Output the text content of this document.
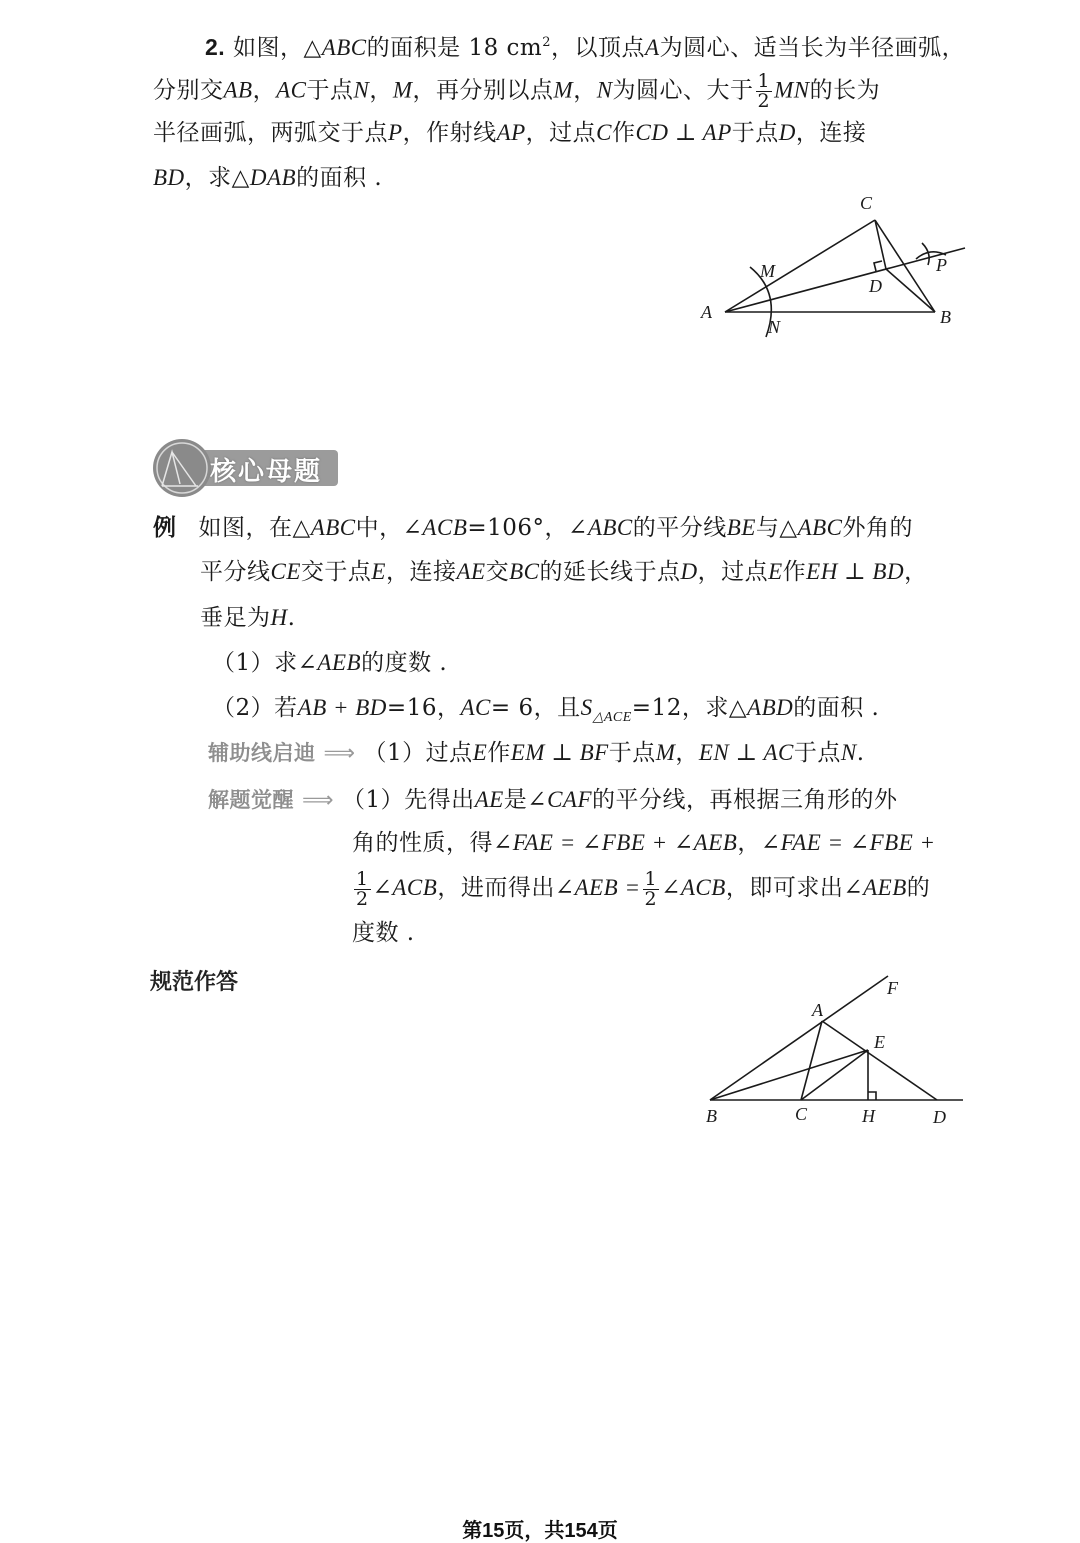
2. 如图，△ABC的面积是 18 $cm^2$，以顶点A为圆心、适当长为半径画弧，
分别交AB，AC于点N，M，再分别以点M，N为圆心、大于 $\frac{1}{2}$ MN的长为
半径画弧，两弧交于点P，作射线AP，过点C作CD ⊥ AP于点D，连接
BD，求△DAB的面积 .
C
M	P
D
A	B
N
核心母题
例 如图，在△ABC中，∠ACB=106°，∠ABC的平分线BE与△ABC外角的
平分线CE交于点E，连接AE交BC的延长线于点D，过点E作EH ⊥ BD，
垂足为H.
（1）求∠AEB的度数 .
（2）若AB + BD=16，AC= 6，且$S_{\triangle ACE}=12$，求△ABD的面积 .
辅助线启迪 ⟹ （1）过点E作EM ⊥ BF于点M，EN ⊥ AC于点N.
解题觉醒 ⟹ （1）先得出AE是∠CAF的平分线，再根据三角形的外
角的性质，得∠FAE = ∠FBE + ∠AEB，∠FAE = ∠FBE +
$\frac{1}{2}$ ∠ACB，进而得出∠AEB = $\frac{1}{2}$ ∠ACB，即可求出∠AEB的
度数 .
规范作答	F
A
E
B	C	H	D
第15页，共154页
